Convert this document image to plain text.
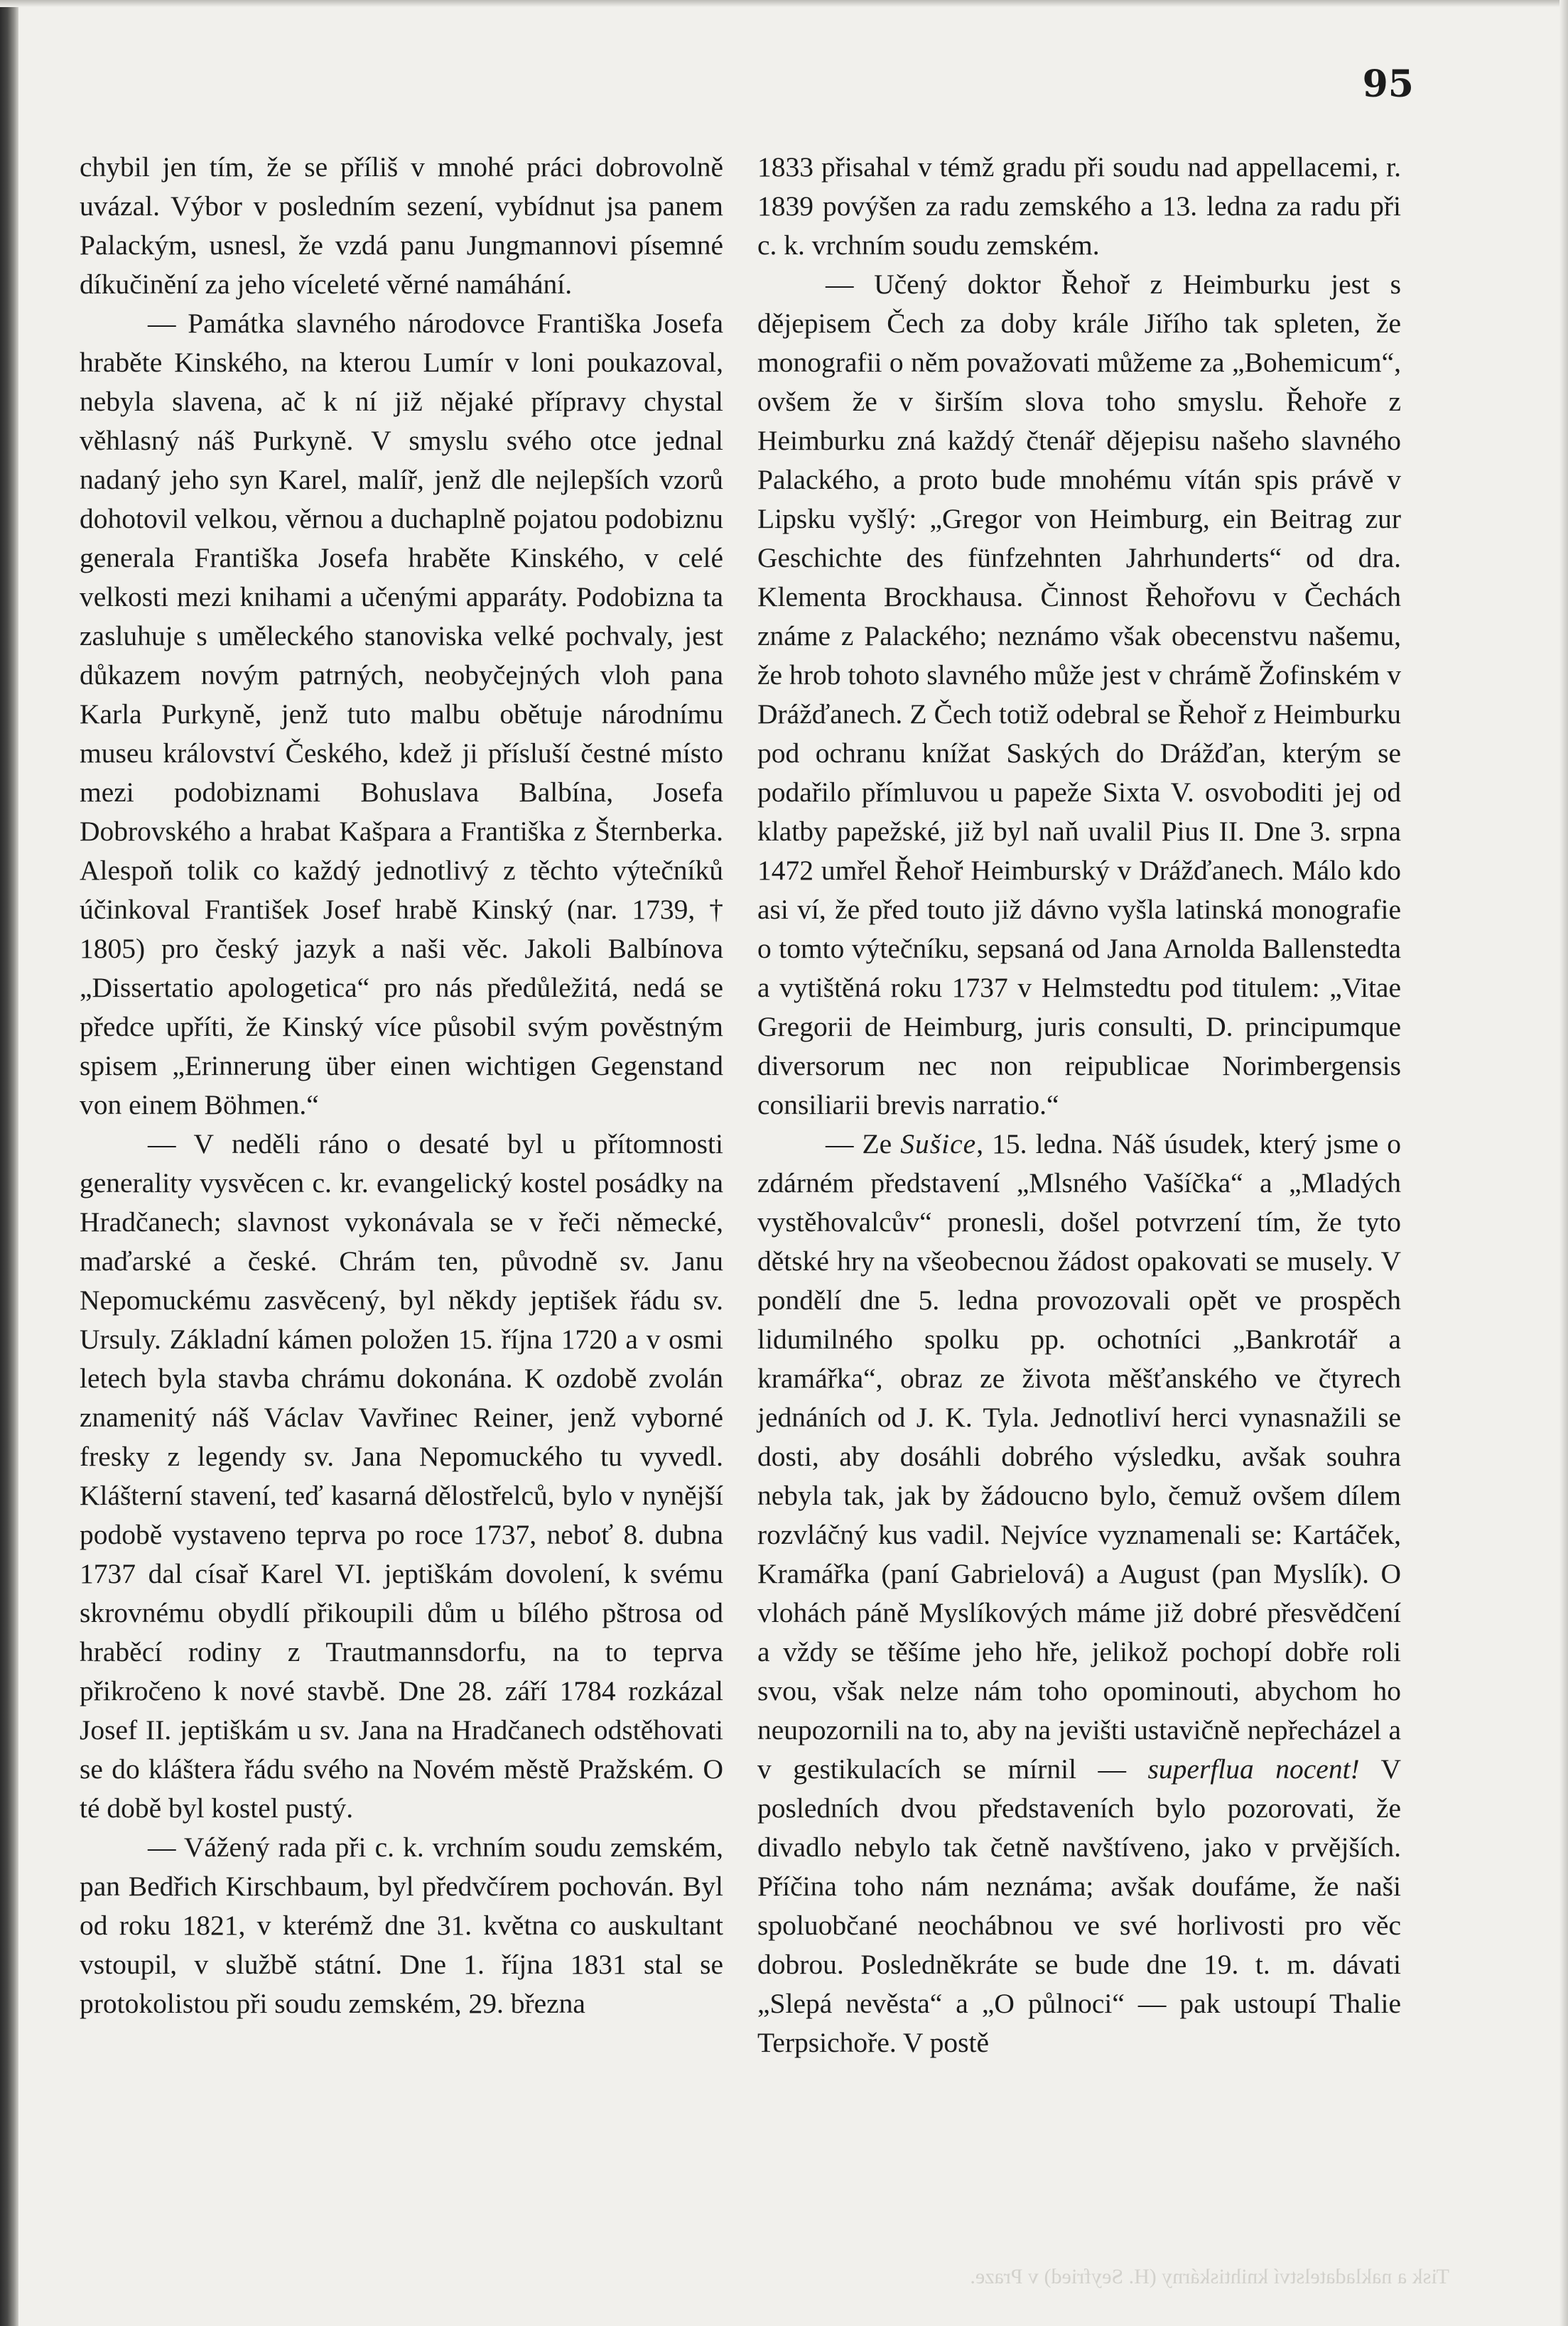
95

chybil jen tím, že se příliš v mnohé práci dobrovolně uvázal. Výbor v posledním sezení, vybídnut jsa panem Palackým, usnesl, že vzdá panu Jungmannovi písemné díkučinění za jeho víceleté věrné namáhání.

— Památka slavného národovce Františka Josefa hraběte Kinského, na kterou Lumír v loni poukazoval, nebyla slavena, ač k ní již nějaké přípravy chystal věhlasný náš Purkyně. V smyslu svého otce jednal nadaný jeho syn Karel, malíř, jenž dle nejlepších vzorů dohotovil velkou, věrnou a duchaplně pojatou podobiznu generala Františka Josefa hraběte Kinského, v celé velkosti mezi knihami a učenými apparáty. Podobizna ta zasluhuje s uměleckého stanoviska velké pochvaly, jest důkazem novým patrných, neobyčejných vloh pana Karla Purkyně, jenž tuto malbu obětuje národnímu museu království Českého, kdež ji přísluší čestné místo mezi podobiznami Bohuslava Balbína, Josefa Dobrovského a hrabat Kašpara a Františka z Šternberka. Alespoň tolik co každý jednotlivý z těchto výtečníků účinkoval František Josef hrabě Kinský (nar. 1739, † 1805) pro český jazyk a naši věc. Jakoli Balbínova „Dissertatio apologetica“ pro nás předůležitá, nedá se předce upříti, že Kinský více působil svým pověstným spisem „Erinnerung über einen wichtigen Gegenstand von einem Böhmen.“

— V neděli ráno o desaté byl u přítomnosti generality vysvěcen c. kr. evangelický kostel posádky na Hradčanech; slavnost vykonávala se v řeči německé, maďarské a české. Chrám ten, původně sv. Janu Nepomuckému zasvěcený, byl někdy jeptišek řádu sv. Ursuly. Základní kámen položen 15. října 1720 a v osmi letech byla stavba chrámu dokonána. K ozdobě zvolán znamenitý náš Václav Vavřinec Reiner, jenž vyborné fresky z legendy sv. Jana Nepomuckého tu vyvedl. Klášterní stavení, teď kasarná dělostřelců, bylo v nynější podobě vystaveno teprva po roce 1737, neboť 8. dubna 1737 dal císař Karel VI. jeptiškám dovolení, k svému skrovnému obydlí přikoupili dům u bílého pštrosa od hraběcí rodiny z Trautmannsdorfu, na to teprva přikročeno k nové stavbě. Dne 28. září 1784 rozkázal Josef II. jeptiškám u sv. Jana na Hradčanech odstěhovati se do kláštera řádu svého na Novém městě Pražském. O té době byl kostel pustý.

— Vážený rada při c. k. vrchním soudu zemském, pan Bedřich Kirschbaum, byl předvčírem pochován. Byl od roku 1821, v kterémž dne 31. května co auskultant vstoupil, v službě státní. Dne 1. října 1831 stal se protokolistou při soudu zemském, 29. března

1833 přisahal v témž gradu při soudu nad appellacemi, r. 1839 povýšen za radu zemského a 13. ledna za radu při c. k. vrchním soudu zemském.

— Učený doktor Řehoř z Heimburku jest s dějepisem Čech za doby krále Jiřího tak spleten, že monografii o něm považovati můžeme za „Bohemicum“, ovšem že v širším slova toho smyslu. Řehoře z Heimburku zná každý čtenář dějepisu našeho slavného Palackého, a proto bude mnohému vítán spis právě v Lipsku vyšlý: „Gregor von Heimburg, ein Beitrag zur Geschichte des fünfzehnten Jahrhunderts“ od dra. Klementa Brockhausa. Činnost Řehořovu v Čechách známe z Palackého; neznámo však obecenstvu našemu, že hrob tohoto slavného může jest v chrámě Žofinském v Drážďanech. Z Čech totiž odebral se Řehoř z Heimburku pod ochranu knížat Saských do Drážďan, kterým se podařilo přímluvou u papeže Sixta V. osvoboditi jej od klatby papežské, již byl naň uvalil Pius II. Dne 3. srpna 1472 umřel Řehoř Heimburský v Drážďanech. Málo kdo asi ví, že před touto již dávno vyšla latinská monografie o tomto výtečníku, sepsaná od Jana Arnolda Ballenstedta a vytištěná roku 1737 v Helmstedtu pod titulem: „Vitae Gregorii de Heimburg, juris consulti, D. principumque diversorum nec non reipublicae Norimbergensis consiliarii brevis narratio.“

— Ze Sušice, 15. ledna. Náš úsudek, který jsme o zdárném představení „Mlsného Vašíčka“ a „Mladých vystěhovalcův“ pronesli, došel potvrzení tím, že tyto dětské hry na všeobecnou žádost opakovati se musely. V pondělí dne 5. ledna provozovali opět ve prospěch lidumilného spolku pp. ochotníci „Bankrotář a kramářka“, obraz ze života měšťanského ve čtyrech jednáních od J. K. Tyla. Jednotliví herci vynasnažili se dosti, aby dosáhli dobrého výsledku, avšak souhra nebyla tak, jak by žádoucno bylo, čemuž ovšem dílem rozvláčný kus vadil. Nejvíce vyznamenali se: Kartáček, Kramářka (paní Gabrielová) a August (pan Myslík). O vlohách páně Myslíkových máme již dobré přesvědčení a vždy se těšíme jeho hře, jelikož pochopí dobře roli svou, však nelze nám toho opominouti, abychom ho neupozornili na to, aby na jevišti ustavičně nepřecházel a v gestikulacích se mírnil — superflua nocent! V posledních dvou představeních bylo pozorovati, že divadlo nebylo tak četně navštíveno, jako v prvějších. Příčina toho nám neznáma; avšak doufáme, že naši spoluobčané neochábnou ve své horlivosti pro věc dobrou. Posledněkráte se bude dne 19. t. m. dávati „Slepá nevěsta“ a „O půlnoci“ — pak ustoupí Thalie Terpsichoře. V postě

Tisk a nakladatelství knihtiskárny (H. Seyfried) v Praze.
